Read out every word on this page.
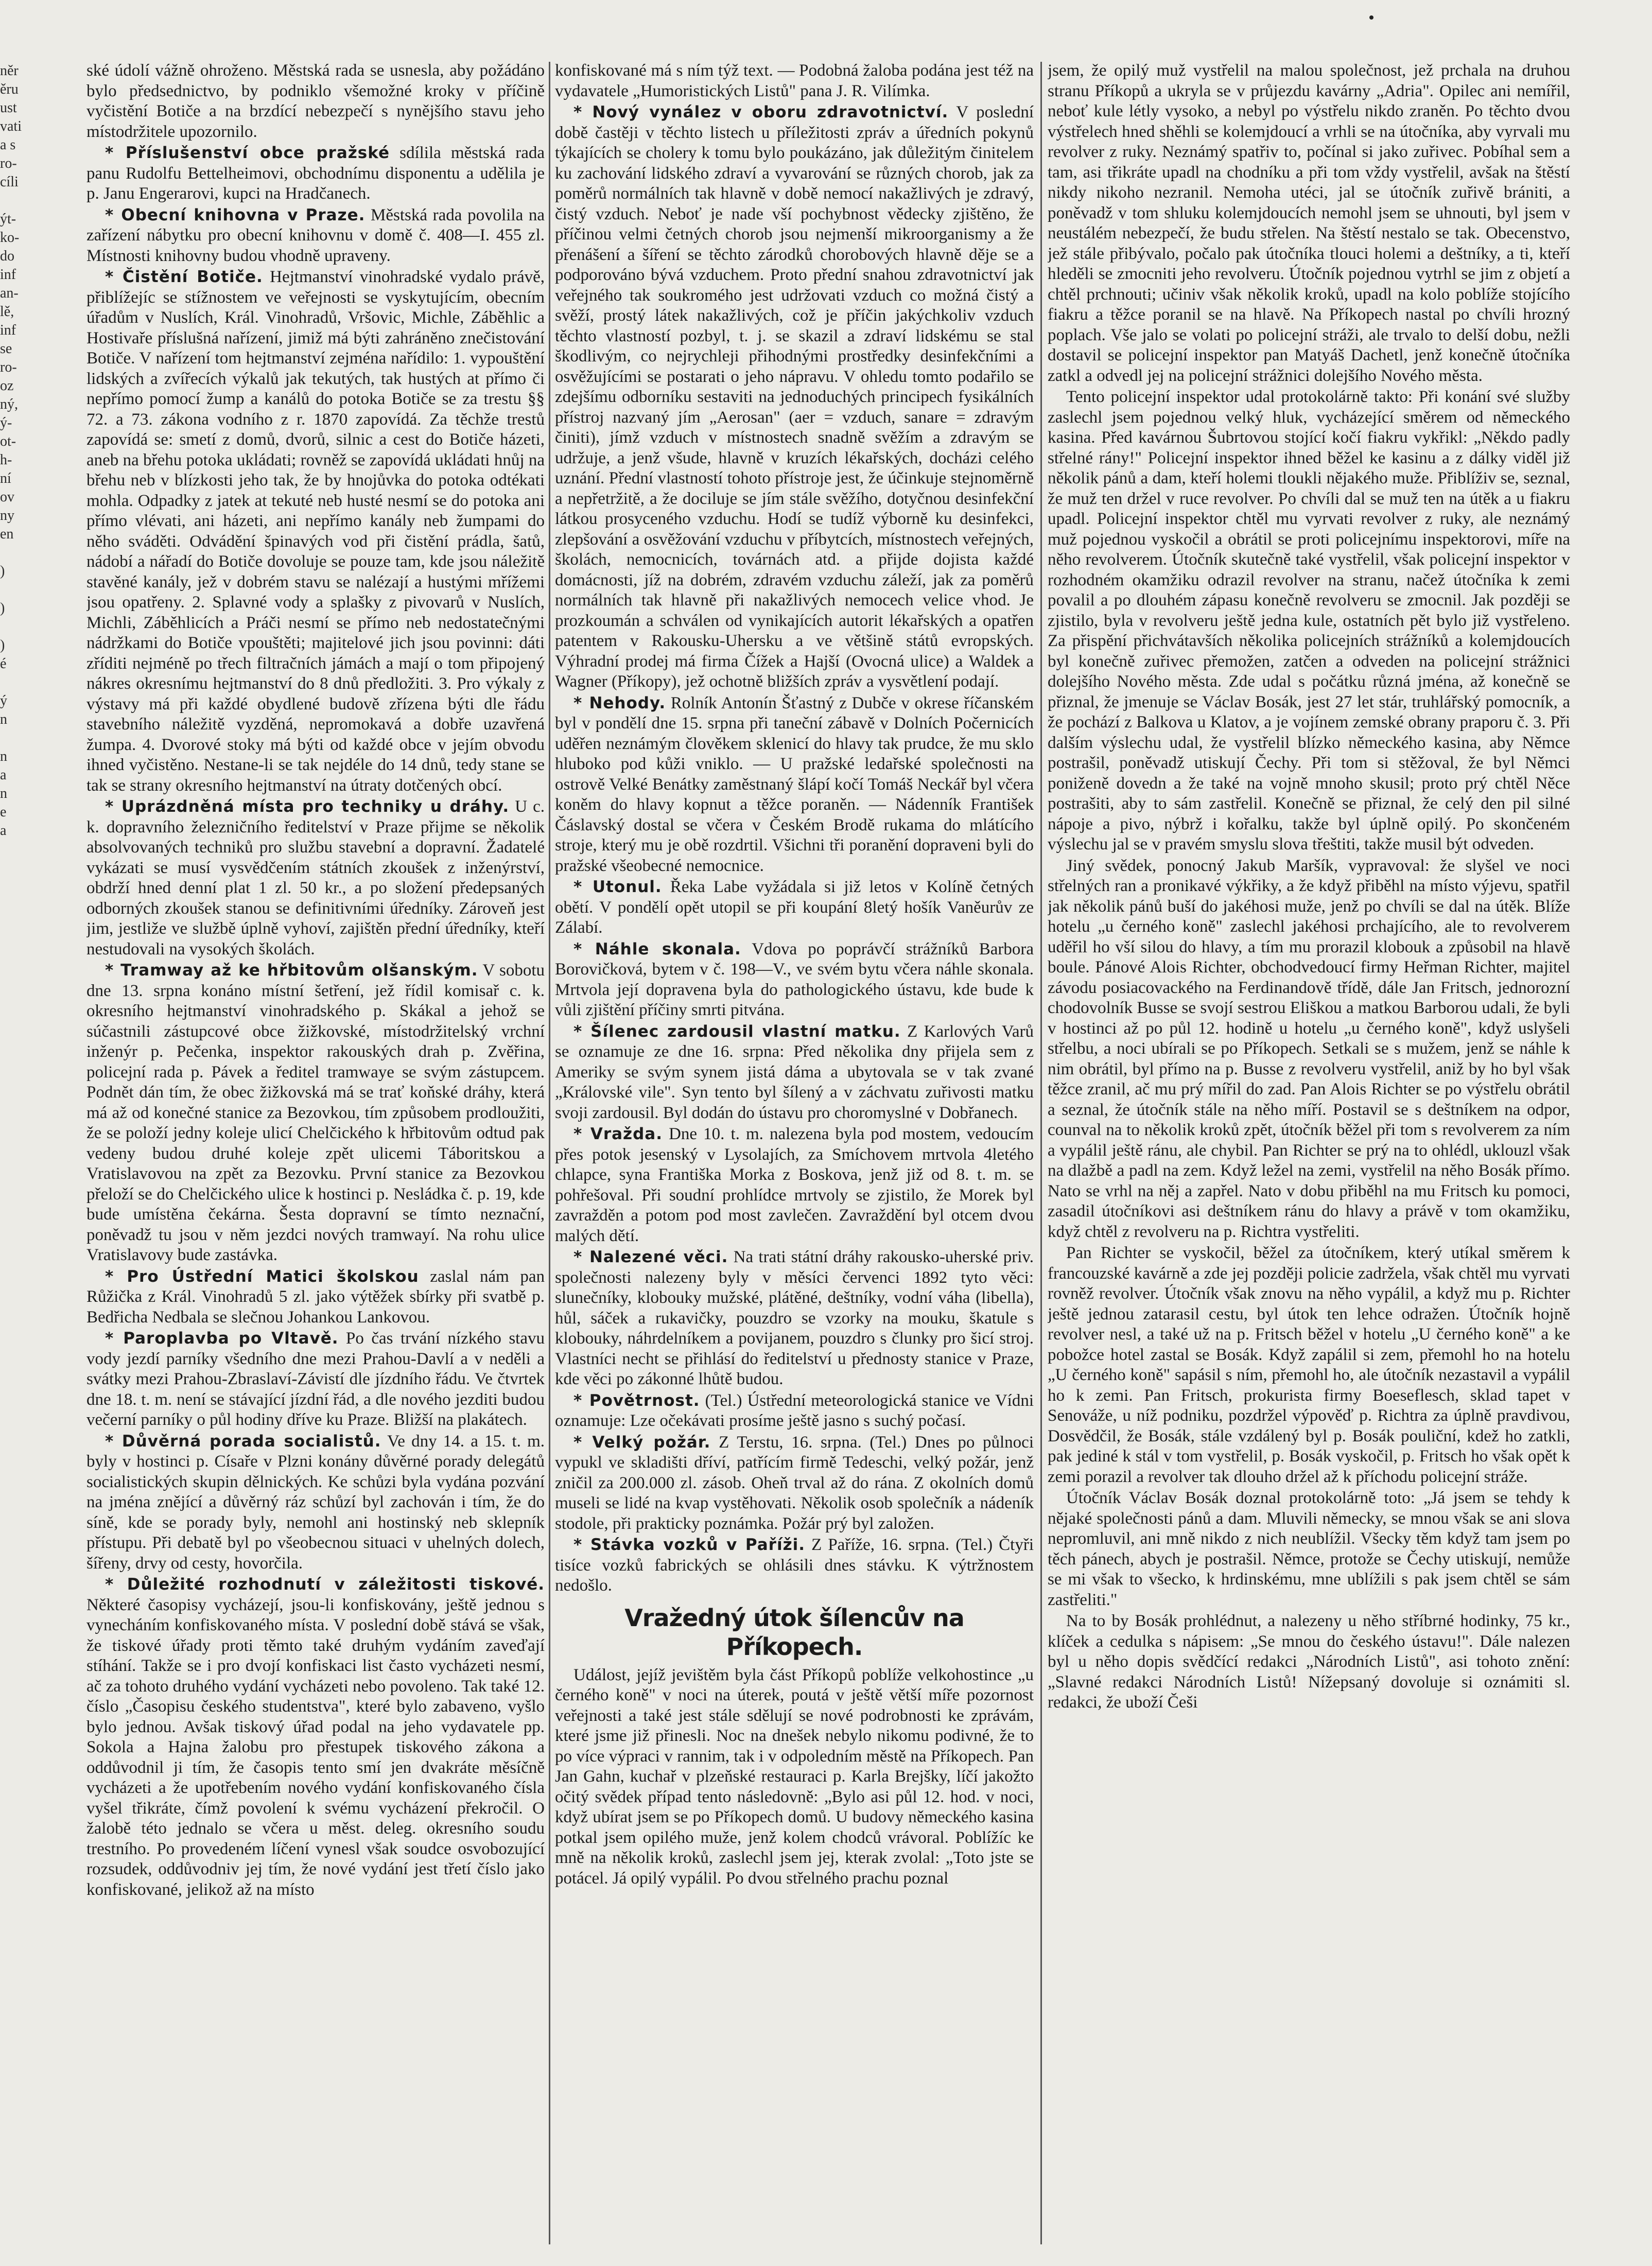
něr
ěru
ust
vati
a s
ro-
cíli
ýt-
ko-
do
inf
an-
lě,
inf
se
ro-
oz
ný,
ý-
ot-
h-
ní
ov
ny
en
)
)
)
é
ý
n
n
a
n
e
a

ské údolí vážně ohroženo. Městská rada se usnesla, aby požádáno bylo předsednictvo, by podniklo všemožné kroky v příčině vyčistění Botiče a na brzdící nebezpečí s nynějšího stavu jeho místodržitele upozornilo.

* Příslušenství obce pražské sdílila městská rada panu Rudolfu Bettelheimovi, obchodnímu disponentu a udělila je p. Janu Engerarovi, kupci na Hradčanech.

* Obecní knihovna v Praze. Městská rada povolila na zařízení nábytku pro obecní knihovnu v domě č. 408—I. 455 zl. Místnosti knihovny budou vhodně upraveny.

* Čistění Botiče. Hejtmanství vinohradské vydalo právě, přiblížejíc se stížnostem ve veřejnosti se vyskytujícím, obecním úřadům v Nuslích, Král. Vinohradů, Vršovic, Michle, Záběhlic a Hostivaře příslušná nařízení, jimiž má býti zahráněno znečistování Botiče. V nařízení tom hejtmanství zejména nařídilo: 1. vypouštění lidských a zvířecích výkalů jak tekutých, tak hustých at přímo či nepřímo pomocí žump a kanálů do potoka Botiče se za trestu §§ 72. a 73. zákona vodního z r. 1870 zapovídá. Za těchže trestů zapovídá se: smetí z domů, dvorů, silnic a cest do Botiče házeti, aneb na břehu potoka ukládati; rovněž se zapovídá ukládati hnůj na břehu neb v blízkosti jeho tak, že by hnojůvka do potoka odtékati mohla. Odpadky z jatek at tekuté neb husté nesmí se do potoka ani přímo vlévati, ani házeti, ani nepřímo kanály neb žumpami do něho sváděti. Odvádění špinavých vod při čistění prádla, šatů, nádobí a nářadí do Botiče dovoluje se pouze tam, kde jsou náležitě stavěné kanály, jež v dobrém stavu se nalézají a hustými mřížemi jsou opatřeny. 2. Splavné vody a splašky z pivovarů v Nuslích, Michli, Záběhlicích a Práči nesmí se přímo neb nedostatečnými nádržkami do Botiče vpouštěti; majitelové jich jsou povinni: dáti zříditi nejméně po třech filtračních jámách a mají o tom připojený nákres okresnímu hejtmanství do 8 dnů předložiti. 3. Pro výkaly z výstavy má při každé obydlené budově zřízena býti dle řádu stavebního náležitě vyzděná, nepromokavá a dobře uzavřená žumpa. 4. Dvorové stoky má býti od každé obce v jejím obvodu ihned vyčistěno. Nestane-li se tak nejdéle do 14 dnů, tedy stane se tak se strany okresního hejtmanství na útraty dotčených obcí.

* Uprázdněná místa pro techniky u dráhy. U c. k. dopravního železničního ředitelství v Praze přijme se několik absolvovaných techniků pro službu stavební a dopravní. Žadatelé vykázati se musí vysvědčením státních zkoušek z inženýrství, obdrží hned denní plat 1 zl. 50 kr., a po složení předepsaných odborných zkoušek stanou se definitivními úředníky. Zároveň jest jim, jestliže ve službě úplně vyhoví, zajištěn přední úředníky, kteří nestudovali na vysokých školách.

* Tramway až ke hřbitovům olšanským. V sobotu dne 13. srpna konáno místní šetření, jež řídil komisař c. k. okresního hejtmanství vinohradského p. Skákal a jehož se súčastnili zástupcové obce žižkovské, místodržitelský vrchní inženýr p. Pečenka, inspektor rakouských drah p. Zvěřina, policejní rada p. Pávek a ředitel tramwaye se svým zástupcem. Podnět dán tím, že obec žižkovská má se trať koňské dráhy, která má až od konečné stanice za Bezovkou, tím způsobem prodloužiti, že se položí jedny koleje ulicí Chelčického k hřbitovům odtud pak vedeny budou druhé koleje zpět ulicemi Táboritskou a Vratislavovou na zpět za Bezovku. První stanice za Bezovkou přeloží se do Chelčického ulice k hostinci p. Nesládka č. p. 19, kde bude umístěna čekárna. Šesta dopravní se tímto neznační, poněvadž tu jsou v něm jezdci nových tramwayí. Na rohu ulice Vratislavovy bude zastávka.

* Pro Ústřední Matici školskou zaslal nám pan Růžička z Král. Vinohradů 5 zl. jako výtěžek sbírky při svatbě p. Bedřicha Nedbala se slečnou Johankou Lankovou.

* Paroplavba po Vltavě. Po čas trvání nízkého stavu vody jezdí parníky všedního dne mezi Prahou-Davlí a v neděli a svátky mezi Prahou-Zbraslaví-Závistí dle jízdního řádu. Ve čtvrtek dne 18. t. m. není se stávající jízdní řád, a dle nového jezditi budou večerní parníky o půl hodiny dříve ku Praze. Bližší na plakátech.

* Důvěrná porada socialistů. Ve dny 14. a 15. t. m. byly v hostinci p. Císaře v Plzni konány důvěrné porady delegátů socialistických skupin dělnických. Ke schůzi byla vydána pozvání na jména znějící a důvěrný ráz schůzí byl zachován i tím, že do síně, kde se porady byly, nemohl ani hostinský neb sklepník přístupu. Při debatě byl po všeobecnou situaci v uhelných dolech, šířeny, drvy od cesty, hovorčila.

* Důležité rozhodnutí v záležitosti tiskové. Některé časopisy vycházejí, jsou-li konfiskovány, ještě jednou s vynecháním konfiskovaného místa. V poslední době stává se však, že tiskové úřady proti těmto také druhým vydáním zaveďají stíhání. Takže se i pro dvojí konfiskaci list často vycházeti nesmí, ač za tohoto druhého vydání vycházeti nebo povoleno. Tak také 12. číslo „Časopisu českého studentstva", které bylo zabaveno, vyšlo bylo jednou. Avšak tiskový úřad podal na jeho vydavatele pp. Sokola a Hajna žalobu pro přestupek tiskového zákona a oddůvodnil ji tím, že časopis tento smí jen dvakráte měsíčně vycházeti a že upotřebením nového vydání konfiskovaného čísla vyšel třikráte, čímž povolení k svému vycházení překročil. O žalobě této jednalo se včera u měst. deleg. okresního soudu trestního. Po provedeném líčení vynesl však soudce osvobozující rozsudek, oddůvodniv jej tím, že nové vydání jest třetí číslo jako konfiskované, jelikož až na místo

konfiskované má s ním týž text. — Podobná žaloba podána jest též na vydavatele „Humoristických Listů" pana J. R. Vilímka.

* Nový vynález v oboru zdravotnictví. V poslední době častěji v těchto listech u příležitosti zpráv a úředních pokynů týkajících se cholery k tomu bylo poukázáno, jak důležitým činitelem ku zachování lidského zdraví a vyvarování se různých chorob, jak za poměrů normálních tak hlavně v době nemocí nakažlivých je zdravý, čistý vzduch. Neboť je nade vší pochybnost vědecky zjištěno, že příčinou velmi četných chorob jsou nejmenší mikroorganismy a že přenášení a šíření se těchto zárodků chorobových hlavně děje se a podporováno bývá vzduchem. Proto přední snahou zdravotnictví jak veřejného tak soukromého jest udržovati vzduch co možná čistý a svěží, prostý látek nakažlivých, což je příčin jakýchkoliv vzduch těchto vlastností pozbyl, t. j. se skazil a zdraví lidskému se stal škodlivým, co nejrychleji přihodnými prostředky desinfekčními a osvěžujícími se postarati o jeho nápravu. V ohledu tomto podařilo se zdejšímu odborníku sestaviti na jednoduchých principech fysikálních přístroj nazvaný jím „Aerosan" (aer = vzduch, sanare = zdravým činiti), jímž vzduch v místnostech snadně svěžím a zdravým se udržuje, a jenž všude, hlavně v kruzích lékařských, docházi celého uznání. Přední vlastností tohoto přístroje jest, že účinkuje stejnoměrně a nepřetržitě, a že dociluje se jím stále svěžího, dotyčnou desinfekční látkou prosyceného vzduchu. Hodí se tudíž výborně ku desinfekci, zlepšování a osvěžování vzduchu v příbytcích, místnostech veřejných, školách, nemocnicích, továrnách atd. a přijde dojista každé domácnosti, jíž na dobrém, zdravém vzduchu záleží, jak za poměrů normálních tak hlavně při nakažlivých nemocech velice vhod. Je prozkoumán a schválen od vynikajících autorit lékařských a opatřen patentem v Rakousku-Uhersku a ve většině států evropských. Výhradní prodej má firma Čížek a Hajší (Ovocná ulice) a Waldek a Wagner (Příkopy), jež ochotně bližších zpráv a vysvětlení podají.

* Nehody. Rolník Antonín Šťastný z Dubče v okrese říčanském byl v pondělí dne 15. srpna při taneční zábavě v Dolních Počernicích uděřen neznámým člověkem sklenicí do hlavy tak prudce, že mu sklo hluboko pod kůži vniklo. — U pražské ledařské společnosti na ostrově Velké Benátky zaměstnaný šlápí kočí Tomáš Neckář byl včera koněm do hlavy kopnut a těžce poraněn. — Nádenník František Čáslavský dostal se včera v Českém Brodě rukama do mlátícího stroje, který mu je obě rozdrtil. Všichni tři poranění dopraveni byli do pražské všeobecné nemocnice.

* Utonul. Řeka Labe vyžádala si již letos v Kolíně četných obětí. V pondělí opět utopil se při koupání 8letý hošík Vaněurův ze Zálabí.

* Náhle skonala. Vdova po poprávčí strážníků Barbora Borovičková, bytem v č. 198—V., ve svém bytu včera náhle skonala. Mrtvola její dopravena byla do pathologického ústavu, kde bude k vůli zjištění příčiny smrti pitvána.

* Šílenec zardousil vlastní matku. Z Karlových Varů se oznamuje ze dne 16. srpna: Před několika dny přijela sem z Ameriky se svým synem jistá dáma a ubytovala se v tak zvané „Královské vile". Syn tento byl šílený a v záchvatu zuřivosti matku svoji zardousil. Byl dodán do ústavu pro choromyslné v Dobřanech.

* Vražda. Dne 10. t. m. nalezena byla pod mostem, vedoucím přes potok jesenský v Lysolajích, za Smíchovem mrtvola 4letého chlapce, syna Františka Morka z Boskova, jenž již od 8. t. m. se pohřešoval. Při soudní prohlídce mrtvoly se zjistilo, že Morek byl zavražděn a potom pod most zavlečen. Zavraždění byl otcem dvou malých dětí.

* Nalezené věci. Na trati státní dráhy rakousko-uherské priv. společnosti nalezeny byly v měsíci červenci 1892 tyto věci: slunečníky, klobouky mužské, plátěné, deštníky, vodní váha (libella), hůl, sáček a rukavičky, pouzdro se vzorky na mouku, škatule s klobouky, náhrdelníkem a povijanem, pouzdro s člunky pro šicí stroj. Vlastníci necht se přihlásí do ředitelství u přednosty stanice v Praze, kde věci po zákonné lhůtě budou.

* Povětrnost. (Tel.) Ústřední meteorologická stanice ve Vídni oznamuje: Lze očekávati prosíme ještě jasno s suchý počasí.

* Velký požár. Z Terstu, 16. srpna. (Tel.) Dnes po půlnoci vypukl ve skladišti dříví, patřícím firmě Tedeschi, velký požár, jenž zničil za 200.000 zl. zásob. Oheň trval až do rána. Z okolních domů museli se lidé na kvap vystěhovati. Několik osob společník a nádeník stodole, při prakticky poznámka. Požár prý byl založen.

* Stávka vozků v Paříži. Z Paříže, 16. srpna. (Tel.) Čtyři tisíce vozků fabrických se ohlásili dnes stávku. K výtržnostem nedošlo.

Vražedný útok šílencův na Příkopech.

Událost, jejíž jevištěm byla část Příkopů poblíže velkohostince „u černého koně" v noci na úterek, poutá v ještě větší míře pozornost veřejnosti a také jest stále sdělují se nové podrobnosti ke zprávám, které jsme již přinesli. Noc na dnešek nebylo nikomu podivné, že to po více výpraci v rannim, tak i v odpoledním městě na Příkopech. Pan Jan Gahn, kuchař v plzeňské restauraci p. Karla Brejšky, líčí jakožto očitý svědek případ tento následovně: „Bylo asi půl 12. hod. v noci, když ubírat jsem se po Příkopech domů. U budovy německého kasina potkal jsem opilého muže, jenž kolem chodců vrávoral. Poblížíc ke mně na několik kroků, zaslechl jsem jej, kterak zvolal: „Toto jste se potácel. Já opilý vypálil. Po dvou střelného prachu poznal

jsem, že opilý muž vystřelil na malou společnost, jež prchala na druhou stranu Příkopů a ukryla se v průjezdu kavárny „Adria". Opilec ani nemířil, neboť kule létly vysoko, a nebyl po výstřelu nikdo zraněn. Po těchto dvou výstřelech hned shěhli se kolemjdoucí a vrhli se na útočníka, aby vyrvali mu revolver z ruky. Neznámý spatřiv to, počínal si jako zuřivec. Pobíhal sem a tam, asi třikráte upadl na chodníku a při tom vždy vystřelil, avšak na štěstí nikdy nikoho nezranil. Nemoha utéci, jal se útočník zuřivě brániti, a poněvadž v tom shluku kolemjdoucích nemohl jsem se uhnouti, byl jsem v neustálém nebezpečí, že budu střelen. Na štěstí nestalo se tak. Obecenstvo, jež stále přibývalo, počalo pak útočníka tlouci holemi a deštníky, a ti, kteří hleděli se zmocniti jeho revolveru. Útočník pojednou vytrhl se jim z objetí a chtěl prchnouti; učiniv však několik kroků, upadl na kolo poblíže stojícího fiakru a těžce poranil se na hlavě. Na Příkopech nastal po chvíli hrozný poplach. Vše jalo se volati po policejní stráži, ale trvalo to delší dobu, nežli dostavil se policejní inspektor pan Matyáš Dachetl, jenž konečně útočníka zatkl a odvedl jej na policejní strážnici dolejšího Nového města.

Tento policejní inspektor udal protokolárně takto: Při konání své služby zaslechl jsem pojednou velký hluk, vycházející směrem od německého kasina. Před kavárnou Šubrtovou stojící kočí fiakru vykřikl: „Někdo padly střelné rány!" Policejní inspektor ihned běžel ke kasinu a z dálky viděl již několik pánů a dam, kteří holemi tloukli nějakého muže. Přiblíživ se, seznal, že muž ten držel v ruce revolver. Po chvíli dal se muž ten na útěk a u fiakru upadl. Policejní inspektor chtěl mu vyrvati revolver z ruky, ale neznámý muž pojednou vyskočil a obrátil se proti policejnímu inspektorovi, míře na něho revolverem. Útočník skutečně také vystřelil, však policejní inspektor v rozhodném okamžiku odrazil revolver na stranu, načež útočníka k zemi povalil a po dlouhém zápasu konečně revolveru se zmocnil. Jak později se zjistilo, byla v revolveru ještě jedna kule, ostatních pět bylo již vystřeleno. Za přispění přichvátavších několika policejních strážníků a kolemjdoucích byl konečně zuřivec přemožen, zatčen a odveden na policejní strážnici dolejšího Nového města. Zde udal s počátku různá jména, až konečně se přiznal, že jmenuje se Václav Bosák, jest 27 let stár, truhlářský pomocník, a že pochází z Balkova u Klatov, a je vojínem zemské obrany praporu č. 3. Při dalším výslechu udal, že vystřelil blízko německého kasina, aby Němce postrašil, poněvadž utiskují Čechy. Při tom si stěžoval, že byl Němci poniženě dovedn a že také na vojně mnoho skusil; proto prý chtěl Něce postrašiti, aby to sám zastřelil. Konečně se přiznal, že celý den pil silné nápoje a pivo, nýbrž i kořalku, takže byl úplně opilý. Po skončeném výslechu jal se v pravém smyslu slova třeštiti, takže musil být odveden.

Jiný svědek, ponocný Jakub Maršík, vypravoval: že slyšel ve noci střelných ran a pronikavé výkřiky, a že když přiběhl na místo výjevu, spatřil jak několik pánů buší do jakéhosi muže, jenž po chvíli se dal na útěk. Blíže hotelu „u černého koně" zaslechl jakéhosi prchajícího, ale to revolverem uděřil ho vší silou do hlavy, a tím mu prorazil klobouk a způsobil na hlavě boule. Pánové Alois Richter, obchodvedoucí firmy Heřman Richter, majitel závodu posiacovackého na Ferdinandově třídě, dále Jan Fritsch, jednorozní chodovolník Busse se svojí sestrou Eliškou a matkou Barborou udali, že byli v hostinci až po půl 12. hodině u hotelu „u černého koně", když uslyšeli střelbu, a noci ubírali se po Příkopech. Setkali se s mužem, jenž se náhle k nim obrátil, byl přímo na p. Busse z revolveru vystřelil, aniž by ho byl však těžce zranil, ač mu prý mířil do zad. Pan Alois Richter se po výstřelu obrátil a seznal, že útočník stále na něho míří. Postavil se s deštníkem na odpor, counval na to několik kroků zpět, útočník běžel při tom s revolverem za ním a vypálil ještě ránu, ale chybil. Pan Richter se prý na to ohlédl, uklouzl však na dlažbě a padl na zem. Když ležel na zemi, vystřelil na něho Bosák přímo. Nato se vrhl na něj a zapřel. Nato v dobu přiběhl na mu Fritsch ku pomoci, zasadil útočníkovi asi deštníkem ránu do hlavy a právě v tom okamžiku, když chtěl z revolveru na p. Richtra vystřeliti.

Pan Richter se vyskočil, běžel za útočníkem, který utíkal směrem k francouzské kavárně a zde jej později policie zadržela, však chtěl mu vyrvati rovněž revolver. Útočník však znovu na něho vypálil, a když mu p. Richter ještě jednou zatarasil cestu, byl útok ten lehce odražen. Útočník hojně revolver nesl, a také už na p. Fritsch běžel v hotelu „U černého koně" a ke pobožce hotel zastal se Bosák. Když zapálil si zem, přemohl ho na hotelu „U černého koně" sapásil s ním, přemohl ho, ale útočník nezastavil a vypálil ho k zemi. Pan Fritsch, prokurista firmy Boeseflesch, sklad tapet v Senováže, u níž podniku, pozdržel výpověď p. Richtra za úplně pravdivou, Dosvědčil, že Bosák, stále vzdálený byl p. Bosák pouliční, kdež ho zatkli, pak jediné k stál v tom vystřelil, p. Bosák vyskočil, p. Fritsch ho však opět k zemi porazil a revolver tak dlouho držel až k příchodu policejní stráže.

Útočník Václav Bosák doznal protokolárně toto: „Já jsem se tehdy k nějaké společnosti pánů a dam. Mluvili německy, se mnou však se ani slova nepromluvil, ani mně nikdo z nich neublížil. Všecky těm když tam jsem po těch pánech, abych je postrašil. Němce, protože se Čechy utiskují, nemůže se mi však to všecko, k hrdinskému, mne ublížili s pak jsem chtěl se sám zastřeliti."

Na to by Bosák prohlédnut, a nalezeny u něho stříbrné hodinky, 75 kr., klíček a cedulka s nápisem: „Se mnou do českého ústavu!". Dále nalezen byl u něho dopis svědčící redakci „Národních Listů", asi tohoto znění: „Slavné redakci Národních Listů! Nížepsaný dovoluje si oznámiti sl. redakci, že uboží Češi
